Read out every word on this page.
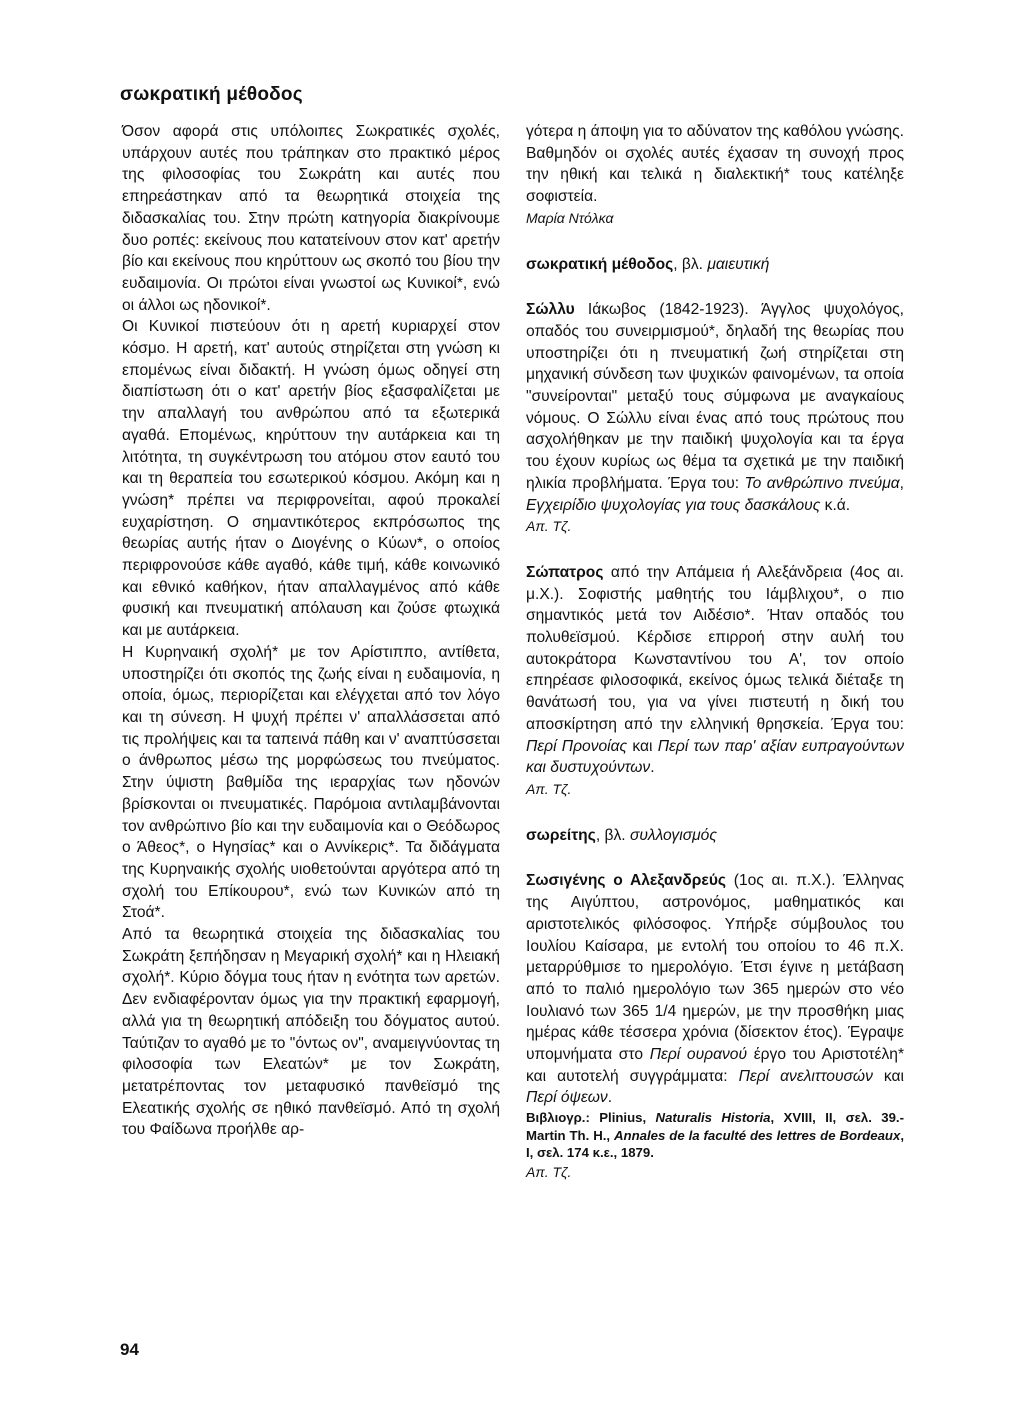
σωκρατική μέθοδος

Όσον αφορά στις υπόλοιπες Σωκρατικές σχολές, υπάρχουν αυτές που τράπηκαν στο πρακτικό μέρος της φιλοσοφίας του Σωκράτη και αυτές που επηρεάστηκαν από τα θεωρητικά στοιχεία της διδασκαλίας του. Στην πρώτη κατηγορία διακρίνουμε δυο ροπές: εκείνους που κατατείνουν στον κατ' αρετήν βίο και εκείνους που κηρύττουν ως σκοπό του βίου την ευδαιμονία. Οι πρώτοι είναι γνωστοί ως Κυνικοί*, ενώ οι άλλοι ως ηδονικοί*.

Οι Κυνικοί πιστεύουν ότι η αρετή κυριαρχεί στον κόσμο. Η αρετή, κατ' αυτούς στηρίζεται στη γνώση κι επομένως είναι διδακτή. Η γνώση όμως οδηγεί στη διαπίστωση ότι ο κατ' αρετήν βίος εξασφαλίζεται με την απαλλαγή του ανθρώπου από τα εξωτερικά αγαθά. Επομένως, κηρύττουν την αυτάρκεια και τη λιτότητα, τη συγκέντρωση του ατόμου στον εαυτό του και τη θεραπεία του εσωτερικού κόσμου. Ακόμη και η γνώση* πρέπει να περιφρονείται, αφού προκαλεί ευχαρίστηση. Ο σημαντικότερος εκπρόσωπος της θεωρίας αυτής ήταν ο Διογένης ο Κύων*, ο οποίος περιφρονούσε κάθε αγαθό, κάθε τιμή, κάθε κοινωνικό και εθνικό καθήκον, ήταν απαλλαγμένος από κάθε φυσική και πνευματική απόλαυση και ζούσε φτωχικά και με αυτάρκεια.

Η Κυρηναική σχολή* με τον Αρίστιππο, αντίθετα, υποστηρίζει ότι σκοπός της ζωής είναι η ευδαιμονία, η οποία, όμως, περιορίζεται και ελέγχεται από τον λόγο και τη σύνεση. Η ψυχή πρέπει ν' απαλλάσσεται από τις προλήψεις και τα ταπεινά πάθη και ν' αναπτύσσεται ο άνθρωπος μέσω της μορφώσεως του πνεύματος. Στην ύψιστη βαθμίδα της ιεραρχίας των ηδονών βρίσκονται οι πνευματικές. Παρόμοια αντιλαμβάνονται τον ανθρώπινο βίο και την ευδαιμονία και ο Θεόδωρος ο Άθεος*, ο Ηγησίας* και ο Αννίκερις*. Τα διδάγματα της Κυρηναικής σχολής υιοθετούνται αργότερα από τη σχολή του Επίκουρου*, ενώ των Κυνικών από τη Στοά*.

Από τα θεωρητικά στοιχεία της διδασκαλίας του Σωκράτη ξεπήδησαν η Μεγαρική σχολή* και η Ηλειακή σχολή*. Κύριο δόγμα τους ήταν η ενότητα των αρετών. Δεν ενδιαφέρονταν όμως για την πρακτική εφαρμογή, αλλά για τη θεωρητική απόδειξη του δόγματος αυτού. Ταύτιζαν το αγαθό με το "όντως ον", αναμειγνύοντας τη φιλοσοφία των Ελεατών* με τον Σωκράτη, μετατρέποντας τον μεταφυσικό πανθεϊσμό της Ελεατικής σχολής σε ηθικό πανθεϊσμό. Από τη σχολή του Φαίδωνα προήλθε αρ-

γότερα η άποψη για το αδύνατον της καθόλου γνώσης. Βαθμηδόν οι σχολές αυτές έχασαν τη συνοχή προς την ηθική και τελικά η διαλεκτική* τους κατέληξε σοφιστεία.

Μαρία Ντόλκα

σωκρατική μέθοδος, βλ. μαιευτική

Σώλλυ Ιάκωβος (1842-1923). Άγγλος ψυχολόγος, οπαδός του συνειρμισμού*, δηλαδή της θεωρίας που υποστηρίζει ότι η πνευματική ζωή στηρίζεται στη μηχανική σύνδεση των ψυχικών φαινομένων, τα οποία "συνείρονται" μεταξύ τους σύμφωνα με αναγκαίους νόμους. Ο Σώλλυ είναι ένας από τους πρώτους που ασχολήθηκαν με την παιδική ψυχολογία και τα έργα του έχουν κυρίως ως θέμα τα σχετικά με την παιδική ηλικία προβλήματα. Έργα του: Το ανθρώπινο πνεύμα, Εγχειρίδιο ψυχολογίας για τους δασκάλους κ.ά.

Απ. Τζ.

Σώπατρος από την Απάμεια ή Αλεξάνδρεια (4ος αι. μ.Χ.). Σοφιστής μαθητής του Ιάμβλιχου*, ο πιο σημαντικός μετά τον Αιδέσιο*. Ήταν οπαδός του πολυθεϊσμού. Κέρδισε επιρροή στην αυλή του αυτοκράτορα Κωνσταντίνου του Α', τον οποίο επηρέασε φιλοσοφικά, εκείνος όμως τελικά διέταξε τη θανάτωσή του, για να γίνει πιστευτή η δική του αποσκίρτηση από την ελληνική θρησκεία. Έργα του: Περί Προνοίας και Περί των παρ' αξίαν ευπραγούντων και δυστυχούντων.

Απ. Τζ.

σωρείτης, βλ. συλλογισμός

Σωσιγένης ο Αλεξανδρεύς (1ος αι. π.Χ.). Έλληνας της Αιγύπτου, αστρονόμος, μαθηματικός και αριστοτελικός φιλόσοφος. Υπήρξε σύμβουλος του Ιουλίου Καίσαρα, με εντολή του οποίου το 46 π.Χ. μεταρρύθμισε το ημερολόγιο. Έτσι έγινε η μετάβαση από το παλιό ημερολόγιο των 365 ημερών στο νέο Ιουλιανό των 365 1/4 ημερών, με την προσθήκη μιας ημέρας κάθε τέσσερα χρόνια (δίσεκτον έτος). Έγραψε υπομνήματα στο Περί ουρανού έργο του Αριστοτέλη* και αυτοτελή συγγράμματα: Περί ανελιττουσών και Περί όψεων.

Βιβλιογρ.: Plinius, Naturalis Historia, XVIII, II, σελ. 39.- Martin Th. H., Annales de la faculté des lettres de Bordeaux, I, σελ. 174 κ.ε., 1879.

Απ. Τζ.

94
